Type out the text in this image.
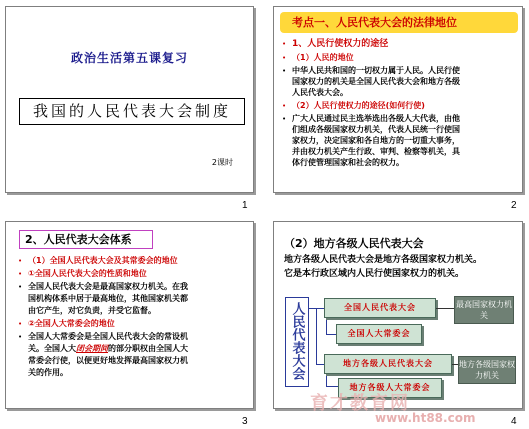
政治生活第五课复习
我国的人民代表大会制度
2课时
1
考点一、人民代表大会的法律地位
• 1、人民行使权力的途径
• （1）人民的地位
• 中华人民共和国的一切权力属于人民。人民行使
国家权力的机关是全国人民代表大会和地方各级
人民代表大会。
• （2）人民行使权力的途径(如何行使)
• 广大人民通过民主选举选出各级人大代表，由他
们组成各级国家权力机关，代表人民统一行使国
家权力，决定国家和各自地方的一切重大事务，
并由权力机关产生行政、审判、检察等机关，具
体行使管理国家和社会的权力。
2
2、人民代表大会体系
• （1）全国人民代表大会及其常委会的地位
• ①全国人民代表大会的性质和地位
• 全国人民代表大会是最高国家权力机关。在我
国机构体系中居于最高地位，其他国家机关都
由它产生，对它负责，并受它监督。
• ②全国人大常委会的地位
• 全国人大常委会是全国人民代表大会的常设机
关。全国人大闭会期间的部分职权由全国人大
常委会行使，以便更好地发挥最高国家权力机
关的作用。
3
（2）地方各级人民代表大会
地方各级人民代表大会是地方各级国家权力机关。
它是本行政区域内人民行使国家权力的机关。
人民代表大会	全国人民代表大会
全国人大常委会
地方各级人民代表大会
地方各级人大常委会
最高国家权力机关
地方各级国家权力机关
4
育才教育网
www.ht88.com
